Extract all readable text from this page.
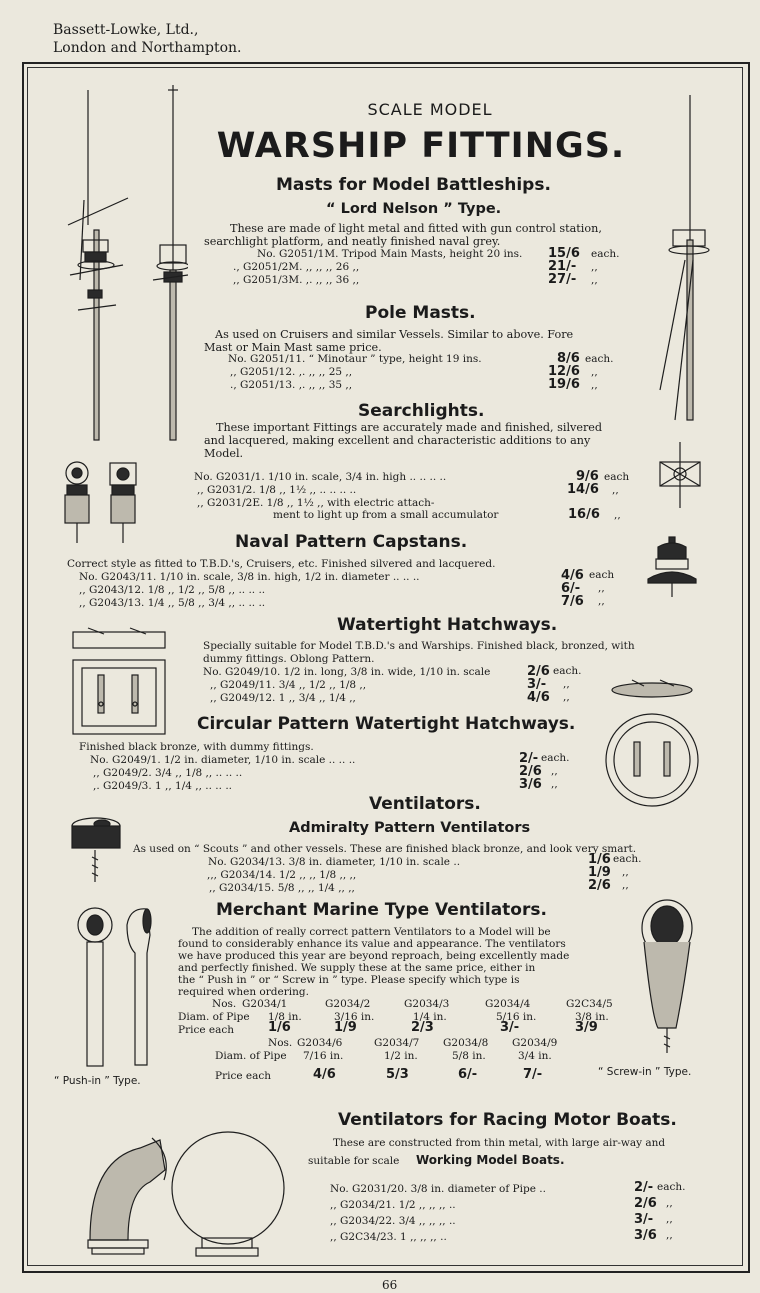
Bassett-Lowke, Ltd.,
London and Northampton.
SCALE MODEL
WARSHIP FITTINGS.
Masts for Model Battleships.
“ Lord Nelson ” Type.
These are made of light metal and fitted with gun control station,
searchlight platform, and neatly finished naval grey.
No. G2051/1M. Tripod Main Masts, height 20 ins. 15/6 each.
., G2051/2M. ,, ,, ,, 26 ,,	21/- ,,
,, G2051/3M. ,. ,, ,, 36 ,,	27/- ,,
Pole Masts.
As used on Cruisers and similar Vessels. Similar to above. Fore
Mast or Main Mast same price.
No. G2051/11. “ Minotaur ” type, height 19 ins.	8/6 each.
,, G2051/12. ,. ,, ,, 25 ,,	12/6 ,,
., G2051/13. ,. ,, ,, 35 ,,	19/6 ,,
Searchlights.
These important Fittings are accurately made and finished, silvered
and lacquered, making excellent and characteristic additions to any
Model.
No. G2031/1. 1/10 in. scale, 3/4 in. high .. .. .. ..	9/6 each
,, G2031/2. 1/8 ,, 1½ ,, .. .. .. ..	14/6 ,,
,, G2031/2E. 1/8 ,, 1½ ,, with electric attach-
ment to light up from a small accumulator	16/6 ,,
Naval Pattern Capstans.
Correct style as fitted to T.B.D.'s, Cruisers, etc. Finished silvered and lacquered.
No. G2043/11. 1/10 in. scale, 3/8 in. high, 1/2 in. diameter .. .. ..	4/6 each
,, G2043/12. 1/8 ,, 1/2 ,, 5/8 ,, .. .. ..	6/- ,,
,, G2043/13. 1/4 ,, 5/8 ,, 3/4 ,, .. .. ..	7/6 ,,
Watertight Hatchways.
Specially suitable for Model T.B.D.'s and Warships. Finished black, bronzed, with
dummy fittings. Oblong Pattern.
No. G2049/10. 1/2 in. long, 3/8 in. wide, 1/10 in. scale	2/6 each.
,, G2049/11. 3/4 ,, 1/2 ,, 1/8 ,,	3/- ,,
,, G2049/12. 1 ,, 3/4 ,, 1/4 ,,	4/6 ,,
Circular Pattern Watertight Hatchways.
Finished black bronze, with dummy fittings.
No. G2049/1. 1/2 in. diameter, 1/10 in. scale .. .. ..	2/- each.
,, G2049/2. 3/4 ,, 1/8 ,, .. .. ..	2/6 ,,
,. G2049/3. 1 ,, 1/4 ,, .. .. ..	3/6 ,,
Ventilators.
Admiralty Pattern Ventilators
As used on “ Scouts ” and other vessels. These are finished black bronze, and look very smart.
No. G2034/13. 3/8 in. diameter, 1/10 in. scale ..	1/6 each.
,,, G2034/14. 1/2 ,, ,, 1/8 ,, ,,	1/9 ,,
,, G2034/15. 5/8 ,, ,, 1/4 ,, ,,	2/6 ,,
Merchant Marine Type Ventilators.
The addition of really correct pattern Ventilators to a Model will be
found to considerably enhance its value and appearance. The ventilators
we have produced this year are beyond reproach, being excellently made
and perfectly finished. We supply these at the same price, either in
the “ Push in ” or “ Screw in ” type. Please specify which type is
required when ordering.
Nos. G2034/1	G2034/2	G2034/3	G2034/4	G2C34/5
Diam. of Pipe 1/8 in.	3/16 in.	1/4 in.	5/16 in.	3/8 in.
Price each	1/6	1/9	2/3	3/-	3/9
Nos. G2034/6	G2034/7 G2034/8 G2034/9
Diam. of Pipe 7/16 in.	1/2 in.	5/8 in.	3/4 in.
Price each	4/6	5/3	6/-	7/-
“ Push-in ” Type.
“ Screw-in ” Type.
Ventilators for Racing Motor Boats.
These are constructed from thin metal, with large air-way and
suitable for scale Working Model Boats.
No. G2031/20. 3/8 in. diameter of Pipe ..	2/- each.
,, G2034/21. 1/2 ,, ,, ,, ..	2/6 ,,
,, G2034/22. 3/4 ,, ,, ,, ..	3/- ,,
,, G2C34/23. 1 ,, ,, ,, ..	3/6 ,,
66
